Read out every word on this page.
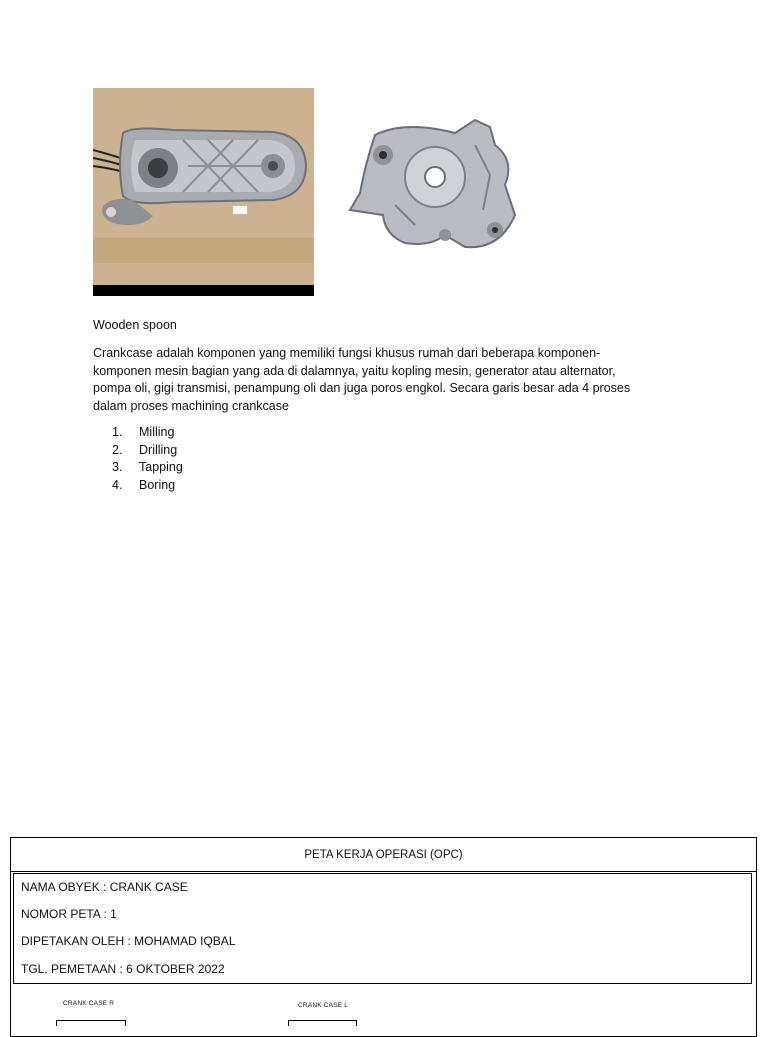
Wooden spoon
Crankcase adalah komponen yang memiliki fungsi khusus rumah dari beberapa komponen-
komponen mesin bagian yang ada di dalamnya, yaitu kopling mesin, generator atau alternator,
pompa oli, gigi transmisi, penampung oli dan juga poros engkol. Secara garis besar ada 4 proses
dalam proses machining crankcase
1.	Milling
2.	Drilling
3.	Tapping
4.	Boring
PETA KERJA OPERASI (OPC)
NAMA OBYEK : CRANK CASE
NOMOR PETA : 1
DIPETAKAN OLEH : MOHAMAD IQBAL
TGL. PEMETAAN : 6 OKTOBER 2022
CRANK CASE R	CRANK CASE L
